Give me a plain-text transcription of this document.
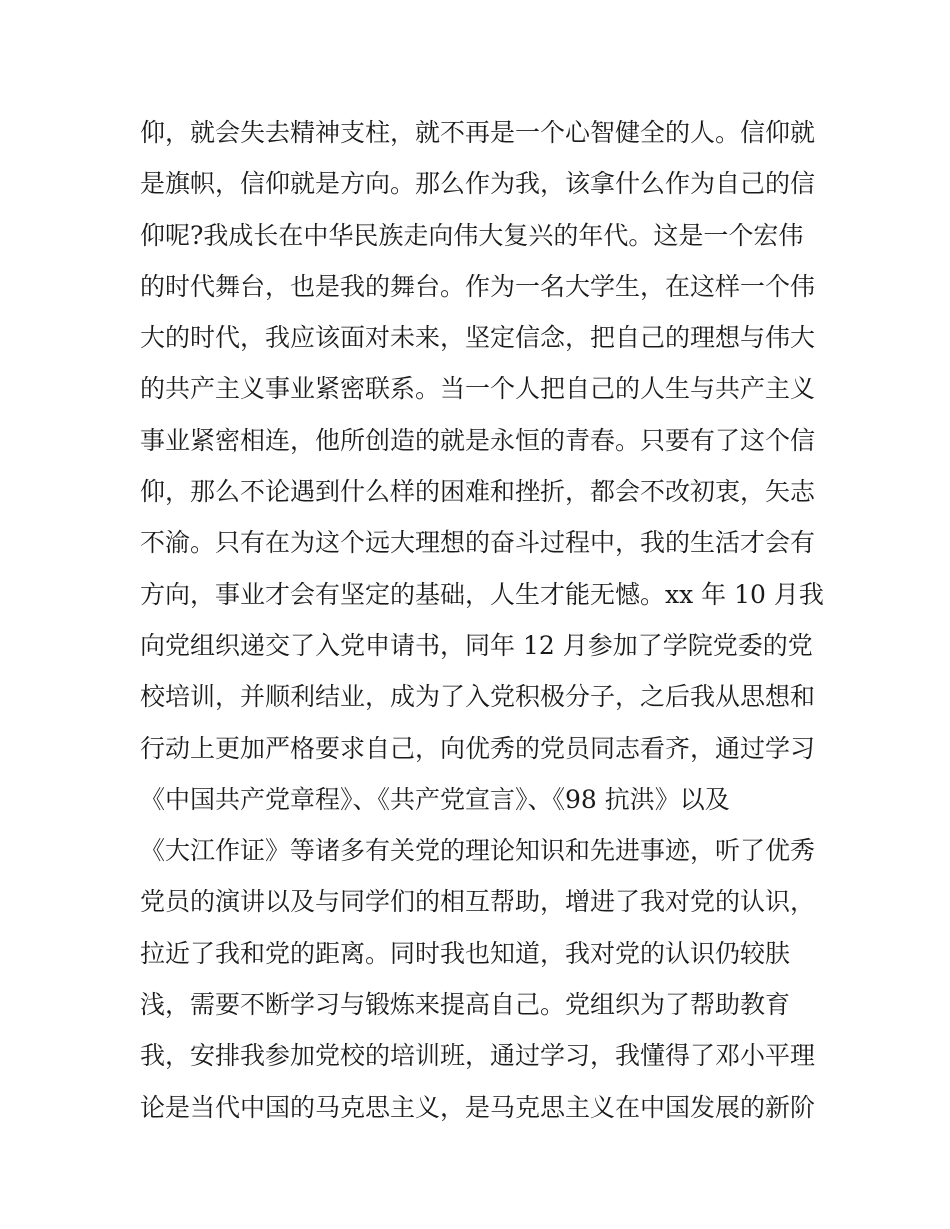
仰，就会失去精神支柱，就不再是一个心智健全的人。信仰就
是旗帜，信仰就是方向。那么作为我，该拿什么作为自己的信
仰呢?我成长在中华民族走向伟大复兴的年代。这是一个宏伟
的时代舞台，也是我的舞台。作为一名大学生，在这样一个伟
大的时代，我应该面对未来，坚定信念，把自己的理想与伟大
的共产主义事业紧密联系。当一个人把自己的人生与共产主义
事业紧密相连，他所创造的就是永恒的青春。只要有了这个信
仰，那么不论遇到什么样的困难和挫折，都会不改初衷，矢志
不渝。只有在为这个远大理想的奋斗过程中，我的生活才会有
方向，事业才会有坚定的基础，人生才能无憾。xx 年 10 月我
向党组织递交了入党申请书，同年 12 月参加了学院党委的党
校培训，并顺利结业，成为了入党积极分子，之后我从思想和
行动上更加严格要求自己，向优秀的党员同志看齐，通过学习
《中国共产党章程》、《共产党宣言》、《98 抗洪》以及
《大江作证》等诸多有关党的理论知识和先进事迹，听了优秀
党员的演讲以及与同学们的相互帮助，增进了我对党的认识，
拉近了我和党的距离。同时我也知道，我对党的认识仍较肤
浅，需要不断学习与锻炼来提高自己。党组织为了帮助教育
我，安排我参加党校的培训班，通过学习，我懂得了邓小平理
论是当代中国的马克思主义，是马克思主义在中国发展的新阶
